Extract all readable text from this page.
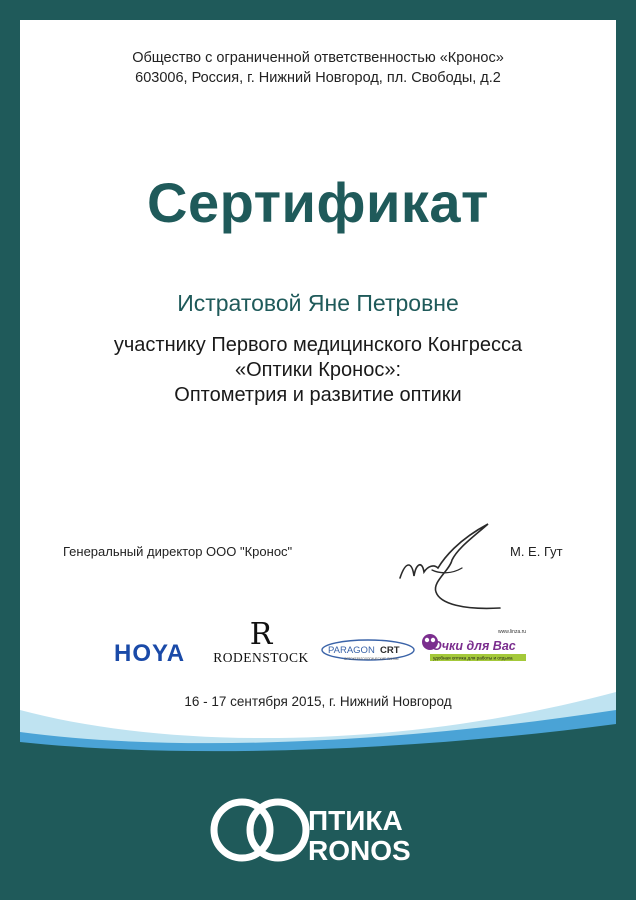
Общество с ограниченной ответственностью «Кронос»
603006, Россия, г. Нижний Новгород, пл. Свободы, д.2
Сертификат
Истратовой Яне Петровне
участнику Первого медицинского Конгресса
«Оптики Кронос»:
Оптометрия и развитие оптики
Генеральный директор ООО "Кронос"	М. Е. Гут
HOYA
R
RODENSTOCK PARAGON CRT
ОРТОКЕРАТОЛОГИЧЕСКИЕ ЛИНЗЫ
www.linza.ru
Очки для Вас
удобная оптика для работы и отдыха
16 - 17 сентября 2015, г. Нижний Новгород
ПТИКА
RONOS
